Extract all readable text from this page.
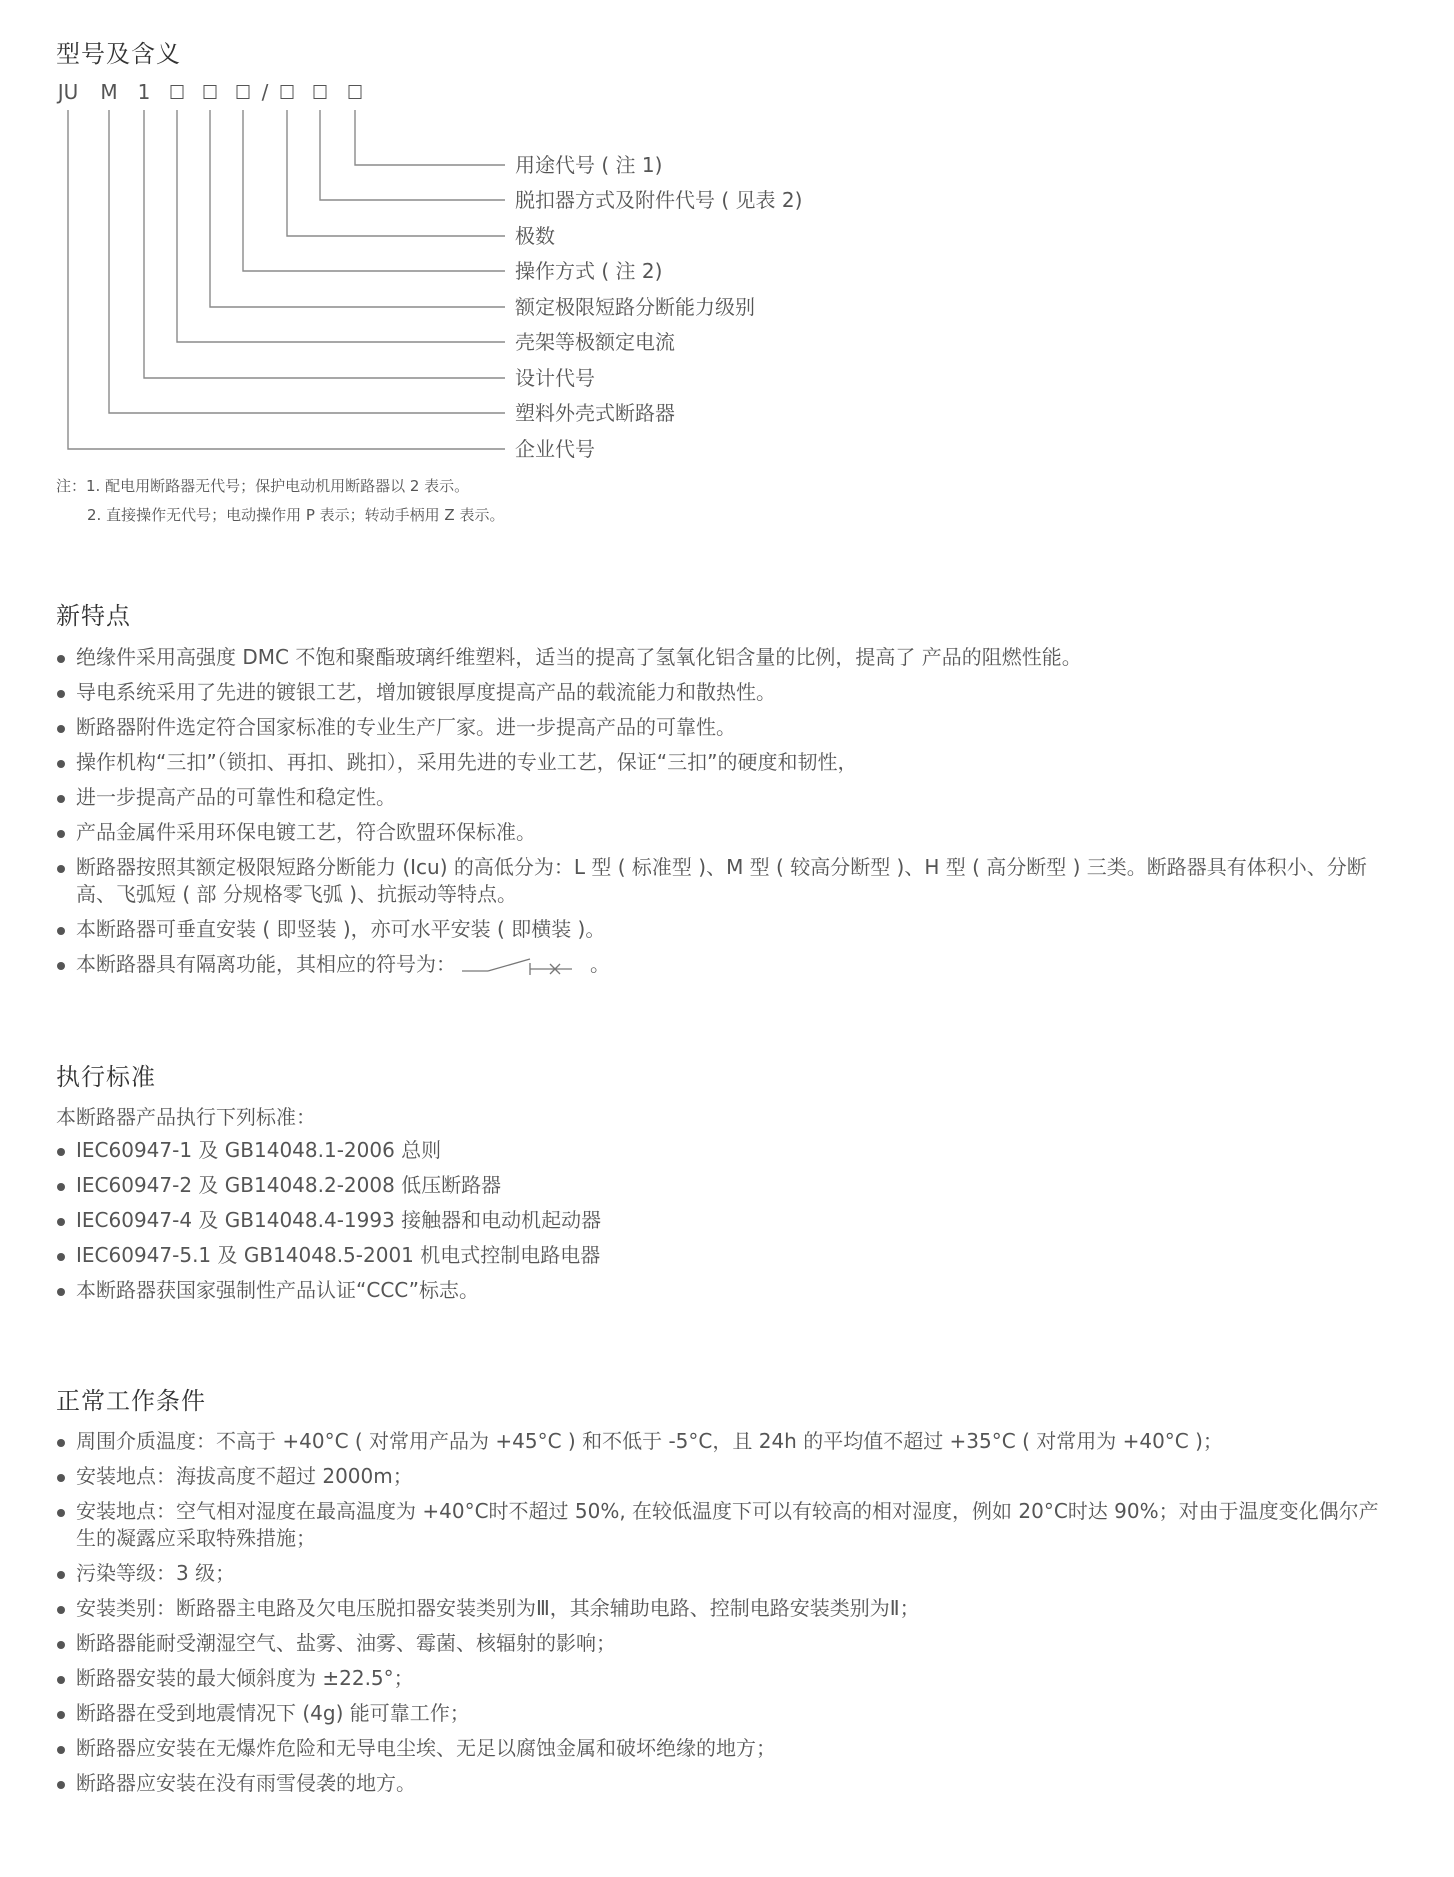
型号及含义
JU M	1	/
用途代号 ( 注 1)
脱扣器方式及附件代号 ( 见表 2)
极数
操作方式 ( 注 2)
额定极限短路分断能力级别
壳架等极额定电流
设计代号
塑料外壳式断路器
企业代号
注：1. 配电用断路器无代号；保护电动机用断路器以 2 表示。
2. 直接操作无代号；电动操作用 P 表示；转动手柄用 Z 表示。
新特点
绝缘件采用高强度 DMC 不饱和聚酯玻璃纤维塑料，适当的提高了氢氧化铝含量的比例，提高了 产品的阻燃性能。
导电系统采用了先进的镀银工艺，增加镀银厚度提高产品的载流能力和散热性。
断路器附件选定符合国家标准的专业生产厂家。进一步提高产品的可靠性。
操作机构“三扣”（锁扣、再扣、跳扣），采用先进的专业工艺，保证“三扣”的硬度和韧性，
进一步提高产品的可靠性和稳定性。
产品金属件采用环保电镀工艺，符合欧盟环保标准。
断路器按照其额定极限短路分断能力 (Icu) 的高低分为：L 型 ( 标准型 )、M 型 ( 较高分断型 )、H 型 ( 高分断型 ) 三类。断路器具有体积小、分断高、飞弧短 ( 部 分规格零飞弧 )、抗振动等特点。
本断路器可垂直安装 ( 即竖装 )，亦可水平安装 ( 即横装 )。
本断路器具有隔离功能，其相应的符号为：	。
执行标准
本断路器产品执行下列标准：
IEC60947-1 及 GB14048.1-2006 总则
IEC60947-2 及 GB14048.2-2008 低压断路器
IEC60947-4 及 GB14048.4-1993 接触器和电动机起动器
IEC60947-5.1 及 GB14048.5-2001 机电式控制电路电器
本断路器获国家强制性产品认证“CCC”标志。
正常工作条件
周围介质温度：不高于 +40°C ( 对常用产品为 +45°C ) 和不低于 -5°C，且 24h 的平均值不超过 +35°C ( 对常用为 +40°C )；
安装地点：海拔高度不超过 2000m；
安装地点：空气相对湿度在最高温度为 +40°C时不超过 50%, 在较低温度下可以有较高的相对湿度，例如 20°C时达 90%；对由于温度变化偶尔产生的凝露应采取特殊措施；
污染等级：3 级；
安装类别：断路器主电路及欠电压脱扣器安装类别为Ⅲ，其余辅助电路、控制电路安装类别为Ⅱ；
断路器能耐受潮湿空气、盐雾、油雾、霉菌、核辐射的影响；
断路器安装的最大倾斜度为 ±22.5°；
断路器在受到地震情况下 (4g) 能可靠工作；
断路器应安装在无爆炸危险和无导电尘埃、无足以腐蚀金属和破坏绝缘的地方；
断路器应安装在没有雨雪侵袭的地方。
